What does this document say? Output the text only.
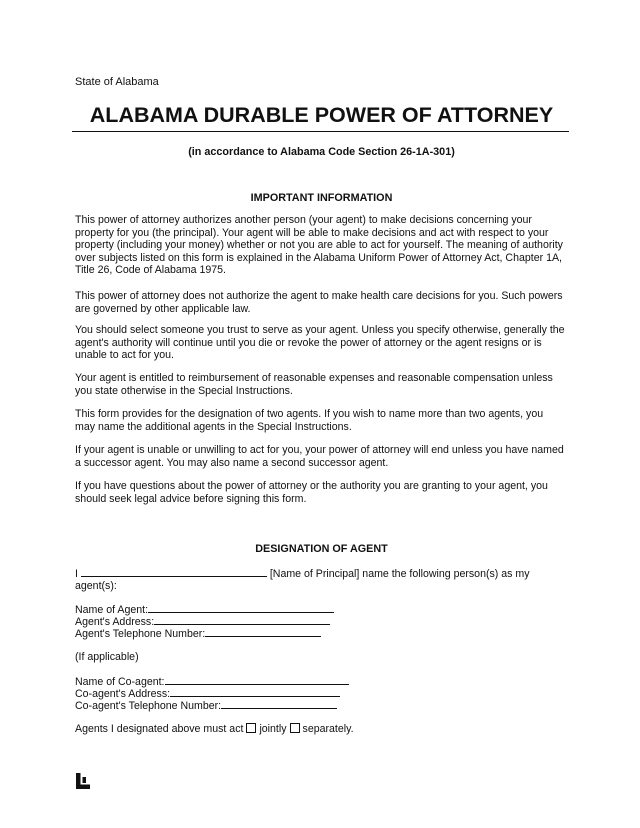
State of Alabama
ALABAMA DURABLE POWER OF ATTORNEY
(in accordance to Alabama Code Section 26-1A-301)
IMPORTANT INFORMATION
This power of attorney authorizes another person (your agent) to make decisions concerning your property for you (the principal). Your agent will be able to make decisions and act with respect to your property (including your money) whether or not you are able to act for yourself. The meaning of authority over subjects listed on this form is explained in the Alabama Uniform Power of Attorney Act, Chapter 1A, Title 26, Code of Alabama 1975.
This power of attorney does not authorize the agent to make health care decisions for you. Such powers are governed by other applicable law.
You should select someone you trust to serve as your agent. Unless you specify otherwise, generally the agent's authority will continue until you die or revoke the power of attorney or the agent resigns or is unable to act for you.
Your agent is entitled to reimbursement of reasonable expenses and reasonable compensation unless you state otherwise in the Special Instructions.
This form provides for the designation of two agents. If you wish to name more than two agents, you may name the additional agents in the Special Instructions.
If your agent is unable or unwilling to act for you, your power of attorney will end unless you have named a successor agent. You may also name a second successor agent.
If you have questions about the power of attorney or the authority you are granting to your agent, you should seek legal advice before signing this form.
DESIGNATION OF AGENT
I	[Name of Principal] name the following person(s) as my
agent(s):
Name of Agent:
Agent's Address:
Agent's Telephone Number:
(If applicable)
Name of Co-agent:
Co-agent's Address:
Co-agent's Telephone Number:
Agents I designated above must act jointly separately.
